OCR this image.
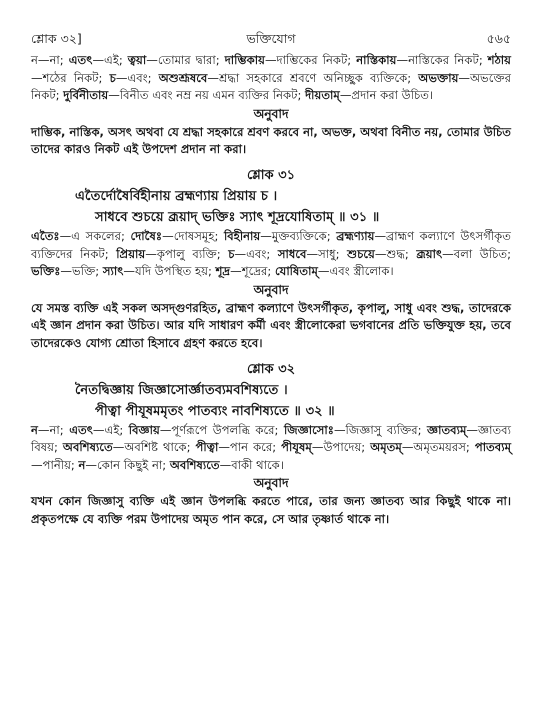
শ্লোক ৩২]	ভক্তিযোগ	৫৬৫

ন—না; এতৎ—এই; ত্বয়া—তোমার দ্বারা; দাম্ভিকায়—দাম্ভিকের নিকট; নাস্তিকায়—নাস্তিকের নিকট; শঠায়—শঠের নিকট; চ—এবং; অশুশ্রূষবে—শ্রদ্ধা সহকারে শ্রবণে অনিচ্ছুক ব্যক্তিকে; অভক্তায়—অভক্তের নিকট; দুর্বিনীতায়—বিনীত এবং নম্র নয় এমন ব্যক্তির নিকট; দীয়তাম্—প্রদান করা উচিত।

অনুবাদ

দাম্ভিক, নাস্তিক, অসৎ অথবা যে শ্রদ্ধা সহকারে শ্রবণ করবে না, অভক্ত, অথবা বিনীত নয়, তোমার উচিত তাদের কারও নিকট এই উপদেশ প্রদান না করা।

শ্লোক ৩১

এতৈর্দোষৈর্বিহীনায় ব্রহ্মণ্যায় প্রিয়ায় চ ।

সাধবে শুচয়ে ব্রূয়াদ্ ভক্তিঃ স্যাৎ শূদ্রযোষিতাম্ ॥ ৩১ ॥

এতৈঃ—এ সকলের; দোষৈঃ—দোষসমূহ; বিহীনায়—মুক্তব্যক্তিকে; ব্রহ্মণ্যায়—ব্রাহ্মণ কল্যাণে উৎসর্গীকৃত ব্যক্তিদের নিকট; প্রিয়ায়—কৃপালু ব্যক্তি; চ—এবং; সাধবে—সাধু; শুচয়ে—শুদ্ধ; ব্রূয়াৎ—বলা উচিত; ভক্তিঃ—ভক্তি; স্যাৎ—যদি উপস্থিত হয়; শূদ্র—শূদ্রের; যোষিতাম্—এবং স্ত্রীলোক।

অনুবাদ

যে সমস্ত ব্যক্তি এই সকল অসদ্‌গুণরহিত, ব্রাহ্মণ কল্যাণে উৎসর্গীকৃত, কৃপালু, সাধু এবং শুদ্ধ, তাদেরকে এই জ্ঞান প্রদান করা উচিত। আর যদি সাধারণ কর্মী এবং স্ত্রীলোকেরা ভগবানের প্রতি ভক্তিযুক্ত হয়, তবে তাদেরকেও যোগ্য শ্রোতা হিসাবে গ্রহণ করতে হবে।

শ্লোক ৩২

নৈতদ্বিজ্ঞায় জিজ্ঞাসোর্জ্ঞাতব্যমবশিষ্যতে ।

পীত্বা পীযূষমমৃতং পাতব্যং নাবশিষ্যতে ॥ ৩২ ॥

ন—না; এতৎ—এই; বিজ্ঞায়—পূর্ণরূপে উপলব্ধি করে; জিজ্ঞাসোঃ—জিজ্ঞাসু ব্যক্তির; জ্ঞাতব্যম্—জ্ঞাতব্য বিষয়; অবশিষ্যতে—অবশিষ্ট থাকে; পীত্বা—পান করে; পীযূষম্—উপাদেয়; অমৃতম্—অমৃতময়রস; পাতব্যম্—পানীয়; ন—কোন কিছুই না; অবশিষ্যতে—বাকী থাকে।

অনুবাদ

যখন কোন জিজ্ঞাসু ব্যক্তি এই জ্ঞান উপলব্ধি করতে পারে, তার জন্য জ্ঞাতব্য আর কিছুই থাকে না। প্রকৃতপক্ষে যে ব্যক্তি পরম উপাদেয় অমৃত পান করে, সে আর তৃষ্ণার্ত থাকে না।
